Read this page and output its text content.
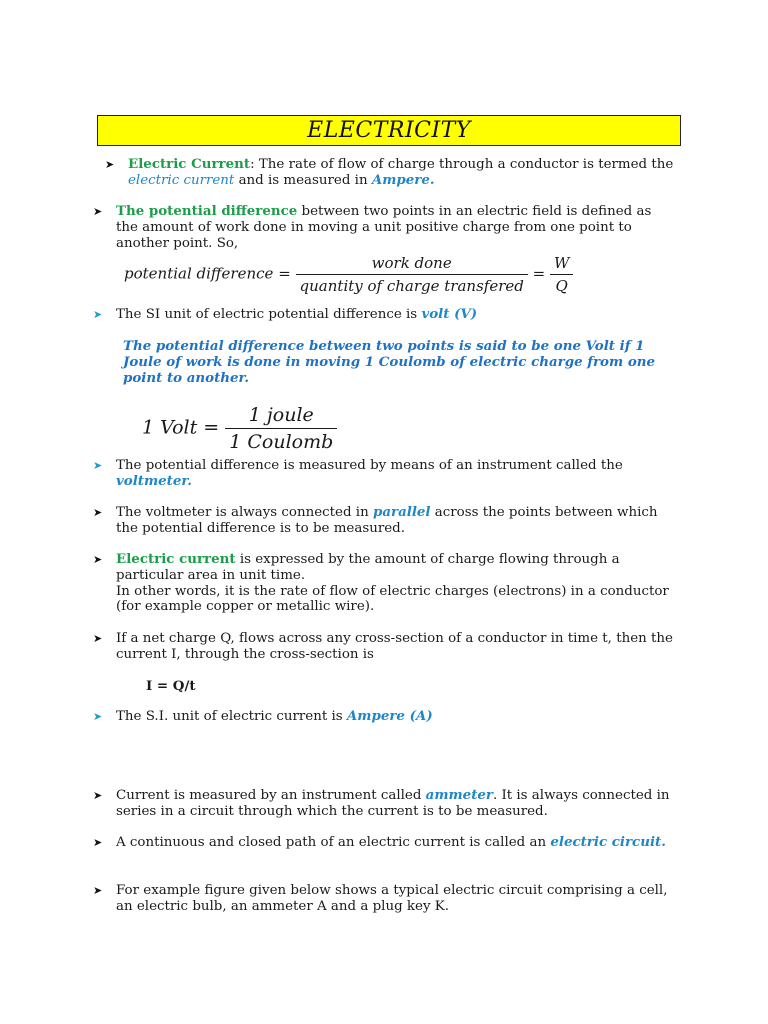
ELECTRICITY
➤ Electric Current: The rate of flow of charge through a conductor is termed the electric current and is measured in Ampere.
➤ The potential difference between two points in an electric field is defined as the amount of work done in moving a unit positive charge from one point to another point. So,
potential difference = $\frac{\text{work done}}{\text{quantity of charge transfered}} = \frac{W}{Q}$
➤ The SI unit of electric potential difference is volt (V)
The potential difference between two points is said to be one Volt if 1 Joule of work is done in moving 1 Coulomb of electric charge from one point to another.
1 Volt = $\frac{\text{1 joule}}{\text{1 Coulomb}}$
➤ The potential difference is measured by means of an instrument called the voltmeter.
➤ The voltmeter is always connected in parallel across the points between which the potential difference is to be measured.
➤ Electric current is expressed by the amount of charge flowing through a particular area in unit time.
In other words, it is the rate of flow of electric charges (electrons) in a conductor (for example copper or metallic wire).
➤ If a net charge Q, flows across any cross-section of a conductor in time t, then the current I, through the cross-section is
I = Q/t
➤ The S.I. unit of electric current is Ampere (A)
➤ Current is measured by an instrument called ammeter. It is always connected in series in a circuit through which the current is to be measured.
➤ A continuous and closed path of an electric current is called an electric circuit.
➤ For example figure given below shows a typical electric circuit comprising a cell, an electric bulb, an ammeter A and a plug key K.
